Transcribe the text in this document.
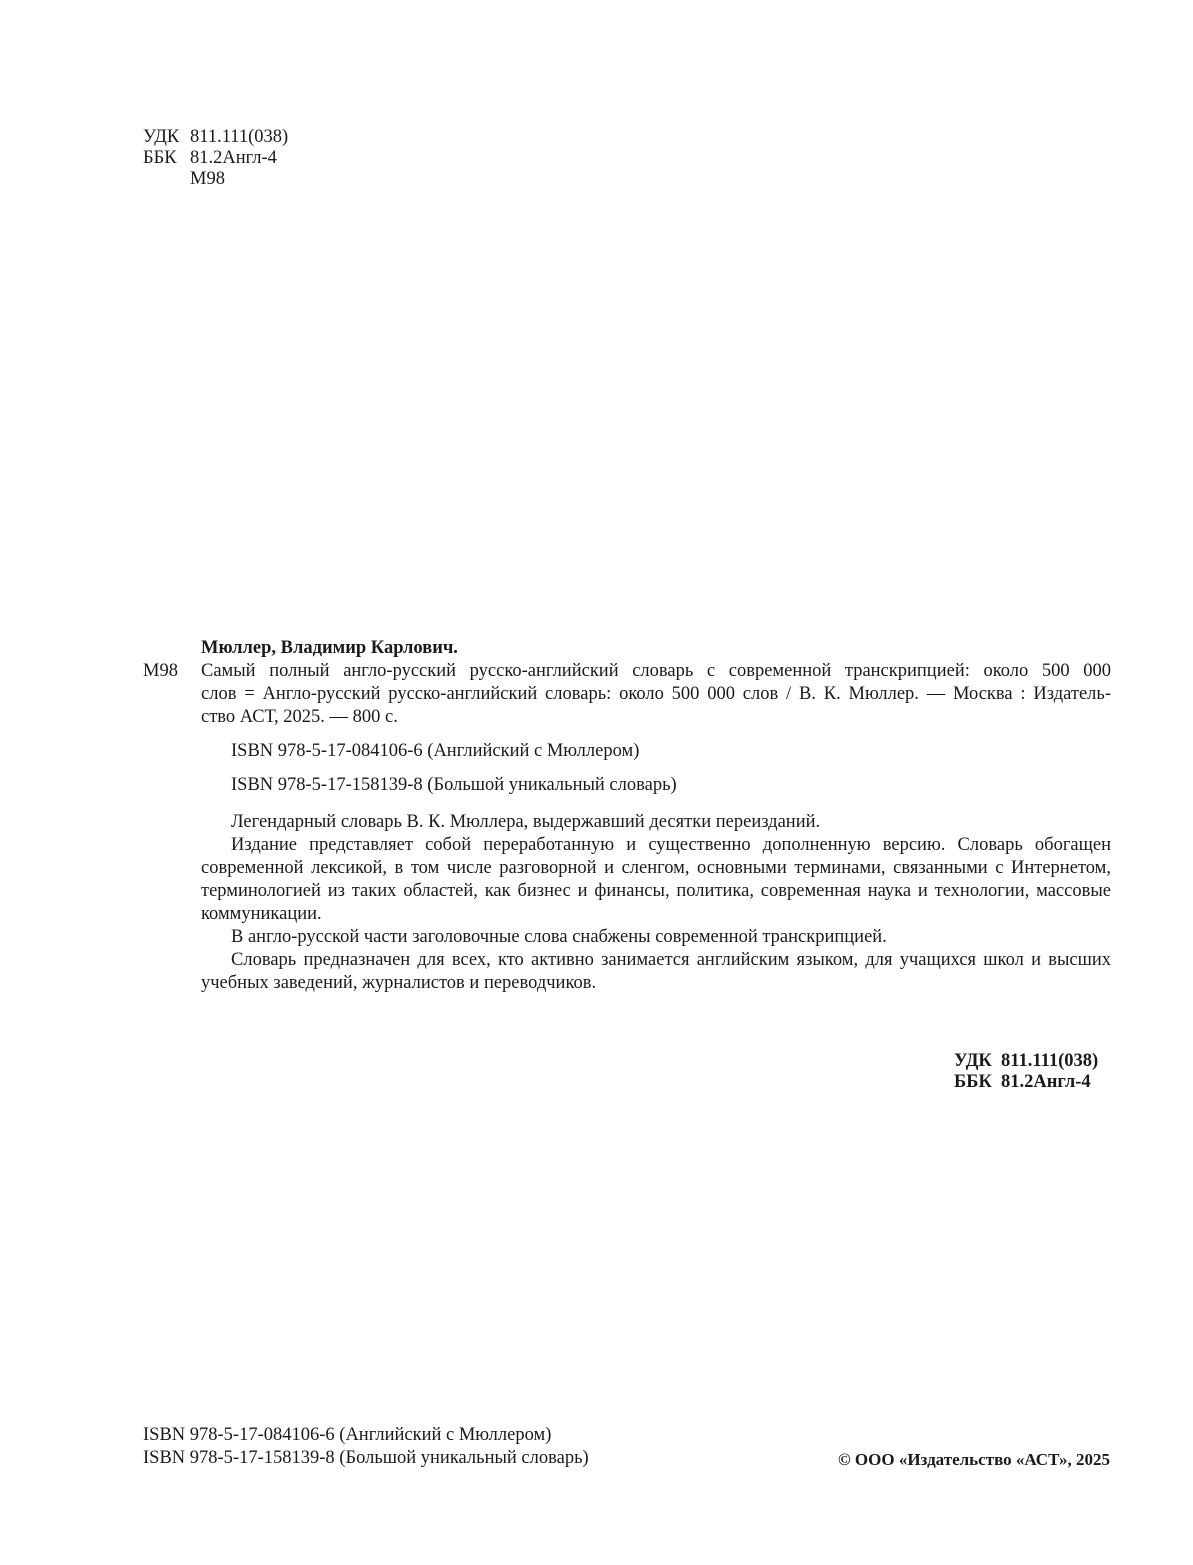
УДК 811.111(038)
ББК 81.2Англ-4
М98
Мюллер, Владимир Карлович.
М98 Самый полный англо-русский русско-английский словарь с современной транскрипцией: около 500 000
слов = Англо-русский русско-английский словарь: около 500 000 слов / В. К. Мюллер. — Москва : Издатель-
ство АСТ, 2025. — 800 с.
ISBN 978-5-17-084106-6 (Английский с Мюллером)
ISBN 978-5-17-158139-8 (Большой уникальный словарь)
Легендарный словарь В. К. Мюллера, выдержавший десятки переизданий.
Издание представляет собой переработанную и существенно дополненную версию. Словарь обогащен современной лексикой, в том числе разговорной и сленгом, основными терминами, связанными с Интернетом, терминологией из таких областей, как бизнес и финансы, политика, современная наука и технологии, массовые коммуникации.
В англо-русской части заголовочные слова снабжены современной транскрипцией.
Словарь предназначен для всех, кто активно занимается английским языком, для учащихся школ и высших учебных заведений, журналистов и переводчиков.
УДК 811.111(038)
ББК 81.2Англ-4
ISBN 978-5-17-084106-6 (Английский с Мюллером)
ISBN 978-5-17-158139-8 (Большой уникальный словарь)	© ООО «Издательство «АСТ», 2025
